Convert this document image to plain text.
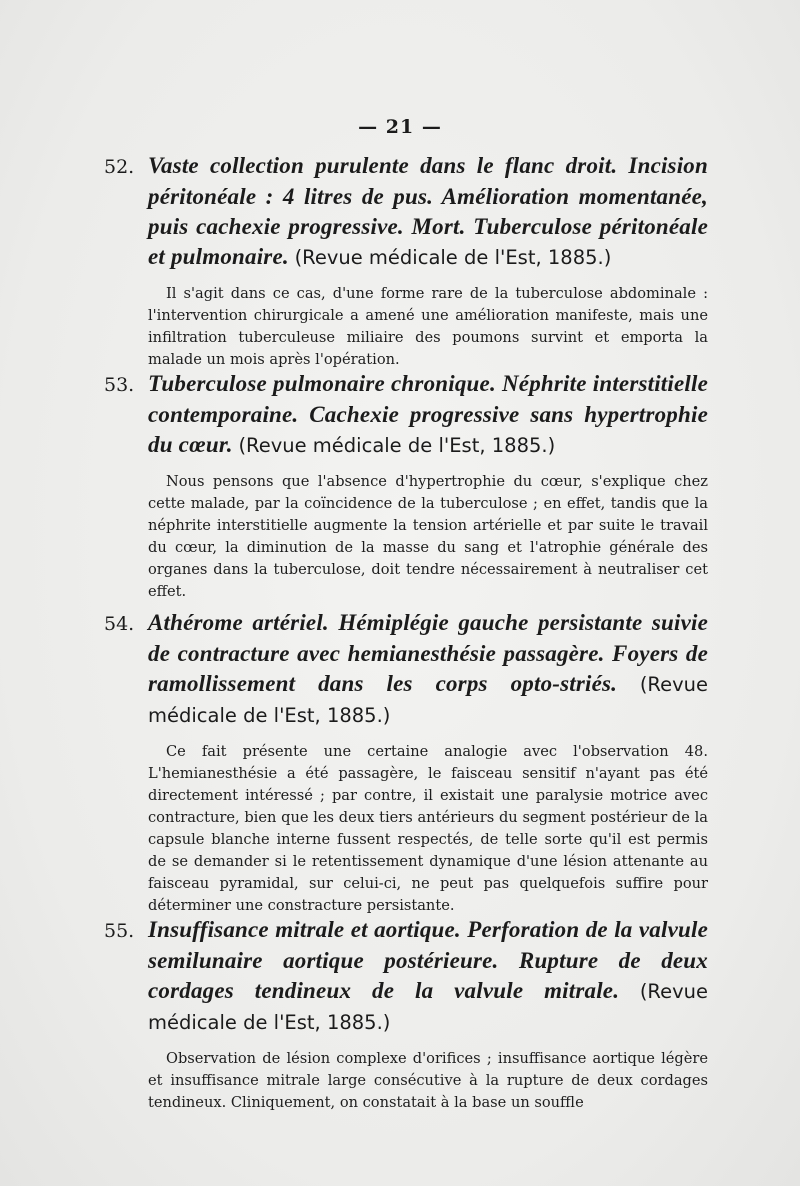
— 21 —
52. Vaste collection purulente dans le flanc droit. Incision péritonéale : 4 litres de pus. Amélioration momentanée, puis cachexie progressive. Mort. Tuberculose péritonéale et pulmonaire. (Revue médicale de l'Est, 1885.)
Il s'agit dans ce cas, d'une forme rare de la tuberculose abdominale : l'intervention chirurgicale a amené une amélioration manifeste, mais une infiltration tuberculeuse miliaire des poumons survint et emporta la malade un mois après l'opération.
53. Tuberculose pulmonaire chronique. Néphrite interstitielle contemporaine. Cachexie progressive sans hypertrophie du cœur. (Revue médicale de l'Est, 1885.)
Nous pensons que l'absence d'hypertrophie du cœur, s'explique chez cette malade, par la coïncidence de la tuberculose ; en effet, tandis que la néphrite interstitielle augmente la tension artérielle et par suite le travail du cœur, la diminution de la masse du sang et l'atrophie générale des organes dans la tuberculose, doit tendre nécessairement à neutraliser cet effet.
54. Athérome artériel. Hémiplégie gauche persistante suivie de contracture avec hemianesthésie passagère. Foyers de ramollissement dans les corps opto-striés. (Revue médicale de l'Est, 1885.)
Ce fait présente une certaine analogie avec l'observation 48. L'hemianesthésie a été passagère, le faisceau sensitif n'ayant pas été directement intéressé ; par contre, il existait une paralysie motrice avec contracture, bien que les deux tiers antérieurs du segment postérieur de la capsule blanche interne fussent respectés, de telle sorte qu'il est permis de se demander si le retentissement dynamique d'une lésion attenante au faisceau pyramidal, sur celui-ci, ne peut pas quelquefois suffire pour déterminer une constracture persistante.
55. Insuffisance mitrale et aortique. Perforation de la valvule semilunaire aortique postérieure. Rupture de deux cordages tendineux de la valvule mitrale. (Revue médicale de l'Est, 1885.)
Observation de lésion complexe d'orifices ; insuffisance aortique légère et insuffisance mitrale large consécutive à la rupture de deux cordages tendineux. Cliniquement, on constatait à la base un souffle
